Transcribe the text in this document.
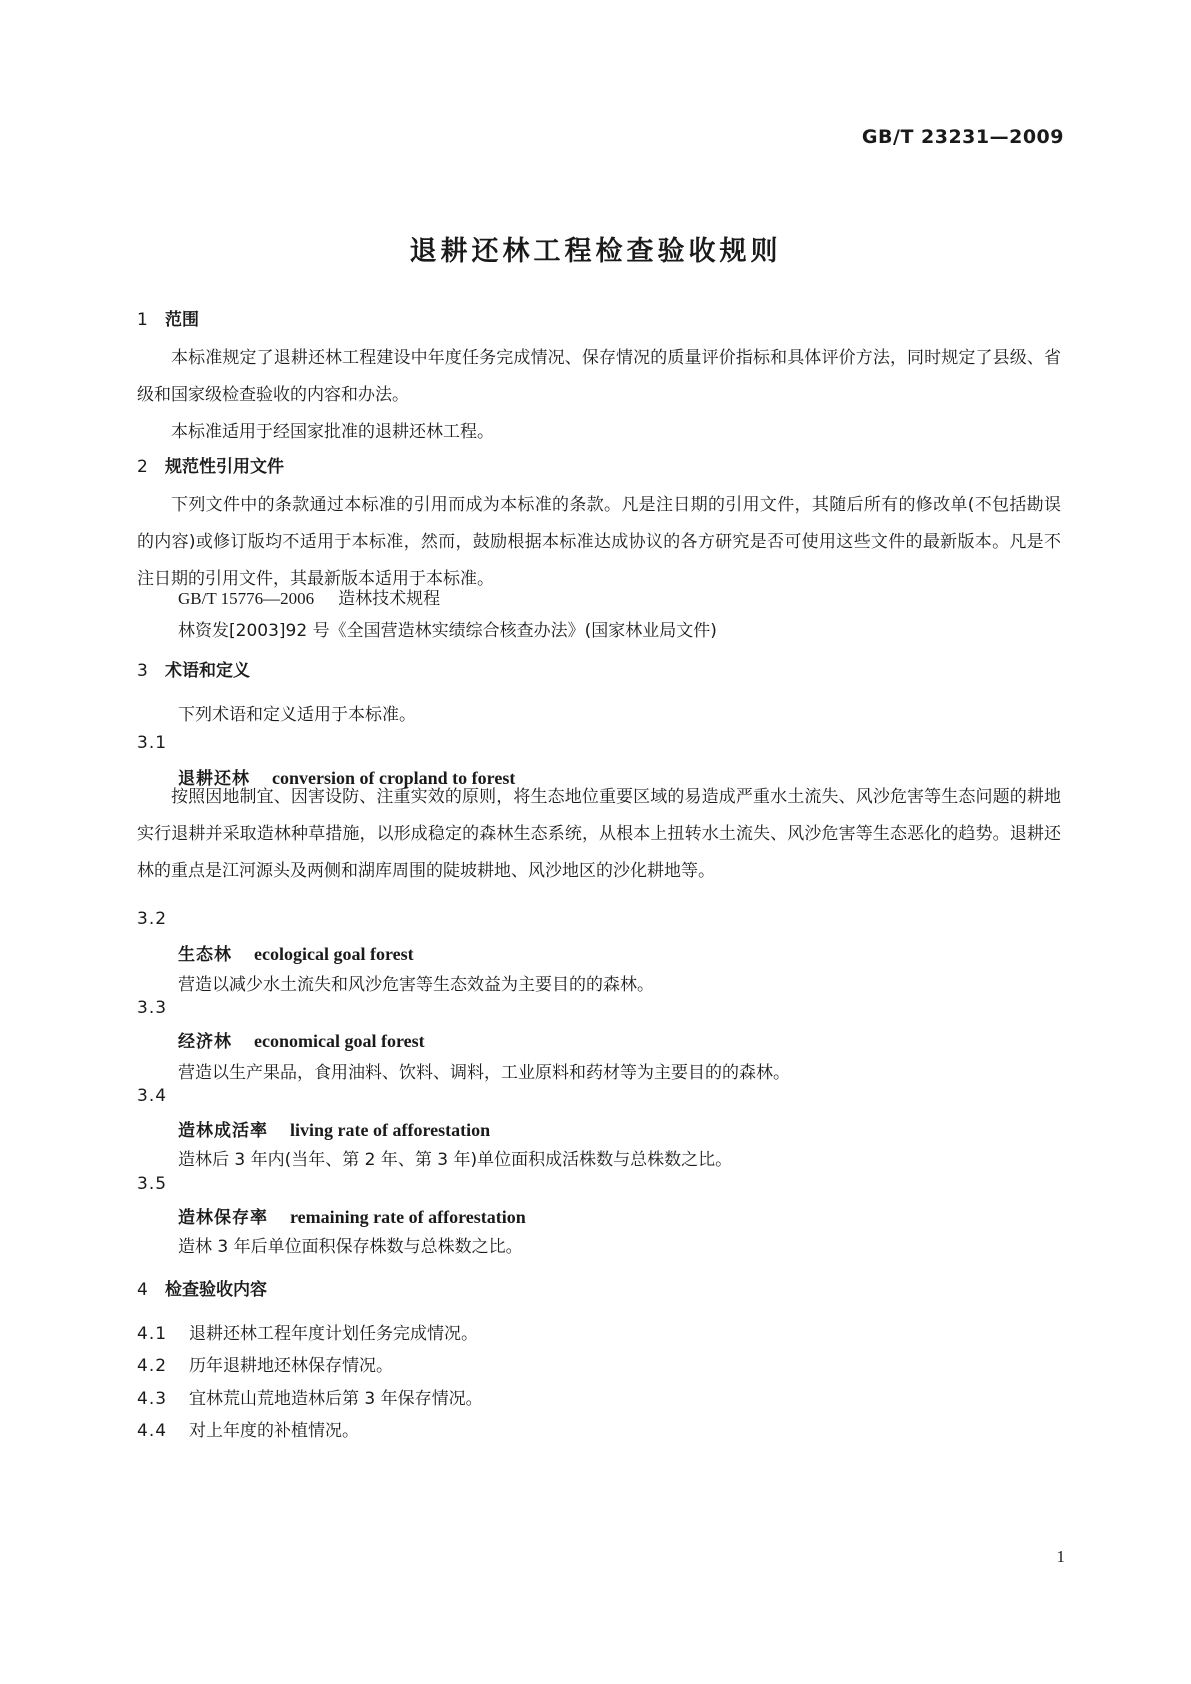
GB/T 23231—2009
退耕还林工程检查验收规则
1 范围

本标准规定了退耕还林工程建设中年度任务完成情况、保存情况的质量评价指标和具体评价方法，同时规定了县级、省级和国家级检查验收的内容和办法。

本标准适用于经国家批准的退耕还林工程。

2 规范性引用文件

下列文件中的条款通过本标准的引用而成为本标准的条款。凡是注日期的引用文件，其随后所有的修改单(不包括勘误的内容)或修订版均不适用于本标准，然而，鼓励根据本标准达成协议的各方研究是否可使用这些文件的最新版本。凡是不注日期的引用文件，其最新版本适用于本标准。

GB/T 15776—2006 造林技术规程
林资发[2003]92 号《全国营造林实绩综合核查办法》(国家林业局文件)
3 术语和定义
下列术语和定义适用于本标准。
3.1
退耕还林 conversion of cropland to forest

按照因地制宜、因害设防、注重实效的原则，将生态地位重要区域的易造成严重水土流失、风沙危害等生态问题的耕地实行退耕并采取造林种草措施，以形成稳定的森林生态系统，从根本上扭转水土流失、风沙危害等生态恶化的趋势。退耕还林的重点是江河源头及两侧和湖库周围的陡坡耕地、风沙地区的沙化耕地等。

3.2
生态林 ecological goal forest
营造以减少水土流失和风沙危害等生态效益为主要目的的森林。
3.3
经济林 economical goal forest
营造以生产果品，食用油料、饮料、调料，工业原料和药材等为主要目的的森林。
3.4
造林成活率 living rate of afforestation
造林后 3 年内(当年、第 2 年、第 3 年)单位面积成活株数与总株数之比。
3.5
造林保存率 remaining rate of afforestation
造林 3 年后单位面积保存株数与总株数之比。
4 检查验收内容
4.1 退耕还林工程年度计划任务完成情况。
4.2 历年退耕地还林保存情况。
4.3 宜林荒山荒地造林后第 3 年保存情况。
4.4 对上年度的补植情况。
1
